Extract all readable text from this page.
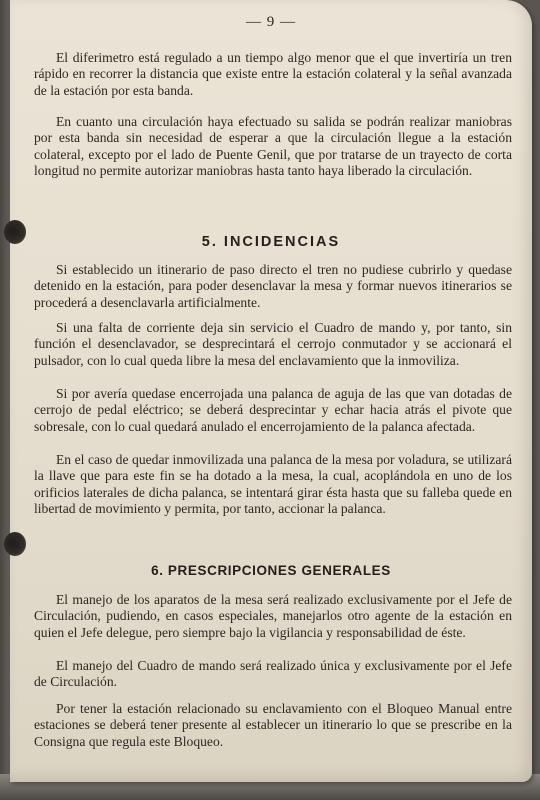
— 9 —

El diferimetro está regulado a un tiempo algo menor que el que invertiría un tren rápido en recorrer la distancia que existe entre la estación colateral y la señal avanzada de la estación por esta banda.

En cuanto una circulación haya efectuado su salida se podrán realizar maniobras por esta banda sin necesidad de esperar a que la circulación llegue a la estación colateral, excepto por el lado de Puente Genil, que por tratarse de un trayecto de corta longitud no permite autorizar maniobras hasta tanto haya liberado la circulación.

5. INCIDENCIAS

Si establecido un itinerario de paso directo el tren no pudiese cubrirlo y quedase detenido en la estación, para poder desenclavar la mesa y formar nuevos itinerarios se procederá a desenclavarla artificialmente.

Si una falta de corriente deja sin servicio el Cuadro de mando y, por tanto, sin función el desenclavador, se desprecintará el cerrojo conmutador y se accionará el pulsador, con lo cual queda libre la mesa del enclavamiento que la inmoviliza.

Si por avería quedase encerrojada una palanca de aguja de las que van dotadas de cerrojo de pedal eléctrico; se deberá desprecintar y echar hacia atrás el pivote que sobresale, con lo cual quedará anulado el encerrojamiento de la palanca afectada.

En el caso de quedar inmovilizada una palanca de la mesa por voladura, se utilizará la llave que para este fin se ha dotado a la mesa, la cual, acoplándola en uno de los orificios laterales de dicha palanca, se intentará girar ésta hasta que su falleba quede en libertad de movimiento y permita, por tanto, accionar la palanca.

6. PRESCRIPCIONES GENERALES

El manejo de los aparatos de la mesa será realizado exclusivamente por el Jefe de Circulación, pudiendo, en casos especiales, manejarlos otro agente de la estación en quien el Jefe delegue, pero siempre bajo la vigilancia y responsabilidad de éste.

El manejo del Cuadro de mando será realizado única y exclusivamente por el Jefe de Circulación.

Por tener la estación relacionado su enclavamiento con el Bloqueo Manual entre estaciones se deberá tener presente al establecer un itinerario lo que se prescribe en la Consigna que regula este Bloqueo.
